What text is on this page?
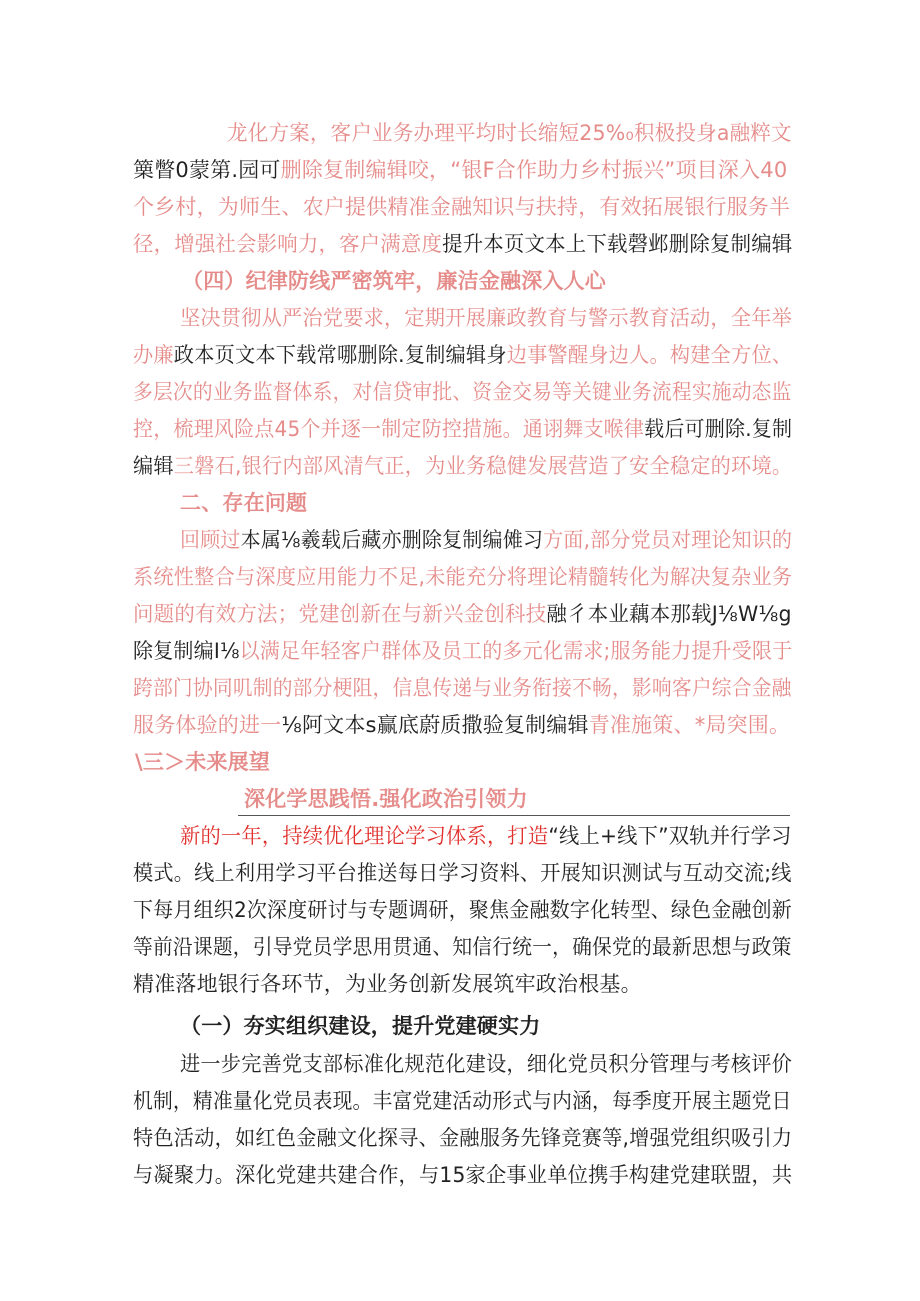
龙化方案，客户业务办理平均时长缩短25%₀积极投身a融粹文
篥瞥0蒙第.园可删除复制编辑咬，“银F合作助力乡村振兴”项目深入40
个乡村，为师生、农户提供精准金融知识与扶持，有效拓展银行服务半
径，增强社会影响力，客户满意度提升本页文本上下载磬邺删除复制编辑
（四）纪律防线严密筑牢，廉洁金融深入人心
坚决贯彻从严治党要求，定期开展廉政教育与警示教育活动，全年举
办廉政本页文本下载常哪删除.复制编辑身边事警醒身边人。构建全方位、
多层次的业务监督体系，对信贷审批、资金交易等关键业务流程实施动态监
控，梳理风险点45个并逐一制定防控措施。通诩舞支喉律载后可删除.复制
编辑三磐石,银行内部风清气正，为业务稳健发展营造了安全稳定的环境。
二、存在问题
回顾过本属⅛羲载后藏亦删除复制编傩习方面,部分党员对理论知识的
系统性整合与深度应用能力不足,未能充分将理论精髓转化为解决复杂业务
问题的有效方法；党建创新在与新兴金创科技融彳本业藕本那载J⅛W⅛g
除复制编I⅛以满足年轻客户群体及员工的多元化需求;服务能力提升受限于
跨部门协同叽制的部分梗阻，信息传递与业务衔接不畅，影响客户综合金融
服务体验的进一⅛阿文本s赢底蔚质撒验复制编辑青准施策、*局突围。
\三＞未来展望
深化学思践悟.强化政治引领力
新的一年，持续优化理论学习体系，打造“线上+线下”双轨并行学习
模式。线上利用学习平台推送每日学习资料、开展知识测试与互动交流;线
下每月组织2次深度研讨与专题调研，聚焦金融数字化转型、绿色金融创新
等前沿课题，引导党员学思用贯通、知信行统一，确保党的最新思想与政策
精准落地银行各环节，为业务创新发展筑牢政治根基。
（一）夯实组织建设，提升党建硬实力
进一步完善党支部标准化规范化建设，细化党员积分管理与考核评价
机制，精准量化党员表现。丰富党建活动形式与内涵，每季度开展主题党日
特色活动，如红色金融文化探寻、金融服务先锋竞赛等,增强党组织吸引力
与凝聚力。深化党建共建合作，与15家企事业单位携手构建党建联盟，共
